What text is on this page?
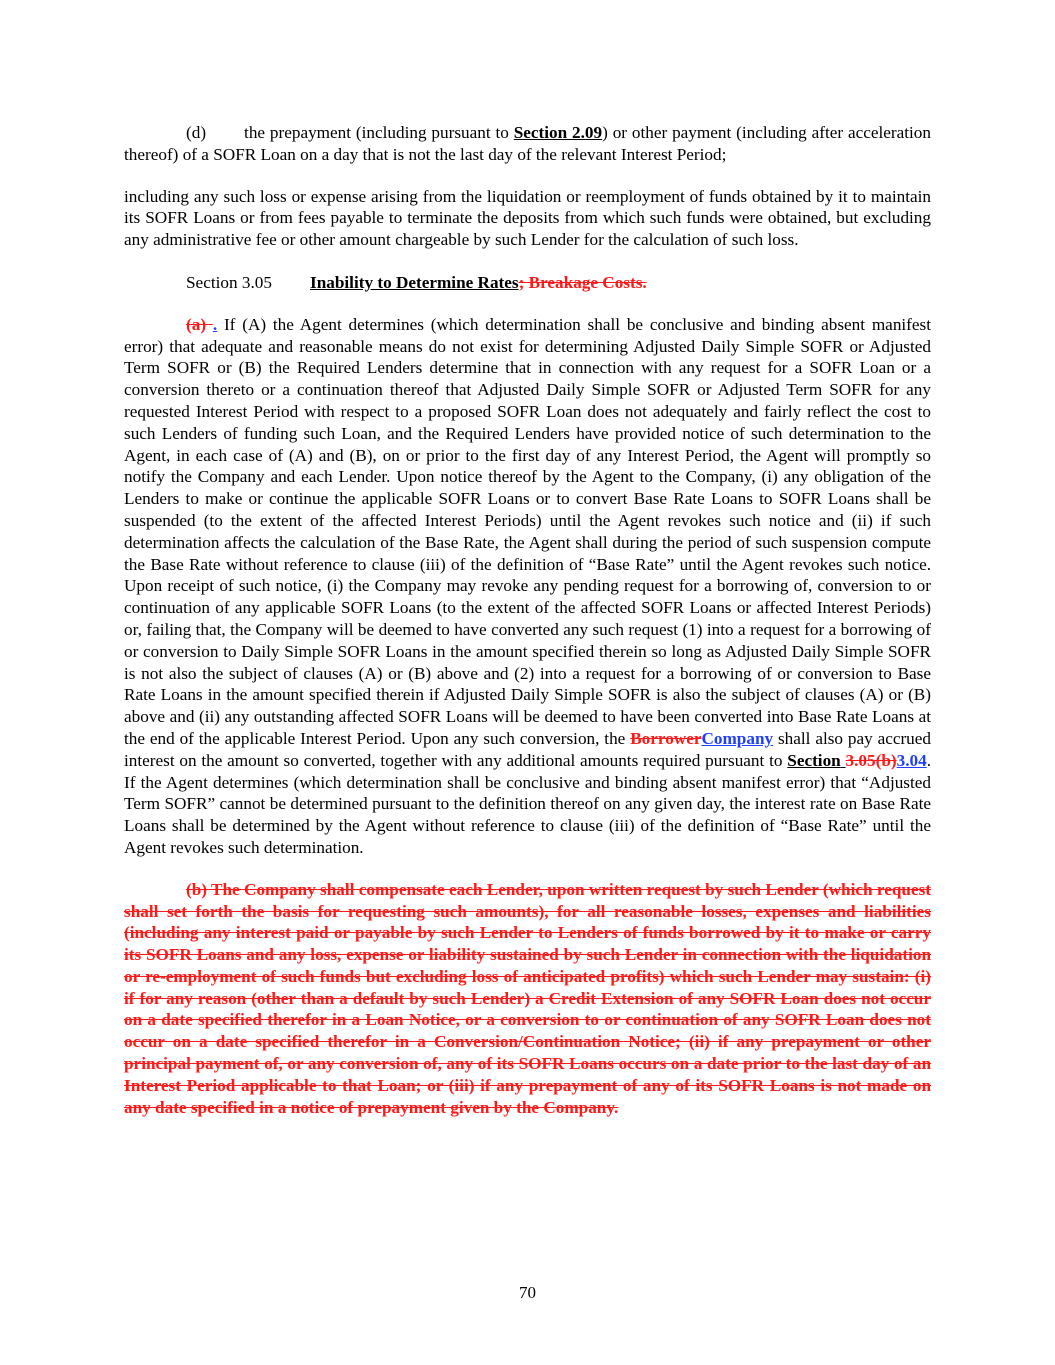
(d) the prepayment (including pursuant to Section 2.09) or other payment (including after acceleration thereof) of a SOFR Loan on a day that is not the last day of the relevant Interest Period;

including any such loss or expense arising from the liquidation or reemployment of funds obtained by it to maintain its SOFR Loans or from fees payable to terminate the deposits from which such funds were obtained, but excluding any administrative fee or other amount chargeable by such Lender for the calculation of such loss.

Section 3.05 Inability to Determine Rates; Breakage Costs.

(a) . If (A) the Agent determines (which determination shall be conclusive and binding absent manifest error) that adequate and reasonable means do not exist for determining Adjusted Daily Simple SOFR or Adjusted Term SOFR or (B) the Required Lenders determine that in connection with any request for a SOFR Loan or a conversion thereto or a continuation thereof that Adjusted Daily Simple SOFR or Adjusted Term SOFR for any requested Interest Period with respect to a proposed SOFR Loan does not adequately and fairly reflect the cost to such Lenders of funding such Loan, and the Required Lenders have provided notice of such determination to the Agent, in each case of (A) and (B), on or prior to the first day of any Interest Period, the Agent will promptly so notify the Company and each Lender. Upon notice thereof by the Agent to the Company, (i) any obligation of the Lenders to make or continue the applicable SOFR Loans or to convert Base Rate Loans to SOFR Loans shall be suspended (to the extent of the affected Interest Periods) until the Agent revokes such notice and (ii) if such determination affects the calculation of the Base Rate, the Agent shall during the period of such suspension compute the Base Rate without reference to clause (iii) of the definition of “Base Rate” until the Agent revokes such notice. Upon receipt of such notice, (i) the Company may revoke any pending request for a borrowing of, conversion to or continuation of any applicable SOFR Loans (to the extent of the affected SOFR Loans or affected Interest Periods) or, failing that, the Company will be deemed to have converted any such request (1) into a request for a borrowing of or conversion to Daily Simple SOFR Loans in the amount specified therein so long as Adjusted Daily Simple SOFR is not also the subject of clauses (A) or (B) above and (2) into a request for a borrowing of or conversion to Base Rate Loans in the amount specified therein if Adjusted Daily Simple SOFR is also the subject of clauses (A) or (B) above and (ii) any outstanding affected SOFR Loans will be deemed to have been converted into Base Rate Loans at the end of the applicable Interest Period. Upon any such conversion, the BorrowerCompany shall also pay accrued interest on the amount so converted, together with any additional amounts required pursuant to Section 3.05(b)3.04. If the Agent determines (which determination shall be conclusive and binding absent manifest error) that “Adjusted Term SOFR” cannot be determined pursuant to the definition thereof on any given day, the interest rate on Base Rate Loans shall be determined by the Agent without reference to clause (iii) of the definition of “Base Rate” until the Agent revokes such determination.

(b) The Company shall compensate each Lender, upon written request by such Lender (which request shall set forth the basis for requesting such amounts), for all reasonable losses, expenses and liabilities (including any interest paid or payable by such Lender to Lenders of funds borrowed by it to make or carry its SOFR Loans and any loss, expense or liability sustained by such Lender in connection with the liquidation or re-employment of such funds but excluding loss of anticipated profits) which such Lender may sustain: (i) if for any reason (other than a default by such Lender) a Credit Extension of any SOFR Loan does not occur on a date specified therefor in a Loan Notice, or a conversion to or continuation of any SOFR Loan does not occur on a date specified therefor in a Conversion/Continuation Notice; (ii) if any prepayment or other principal payment of, or any conversion of, any of its SOFR Loans occurs on a date prior to the last day of an Interest Period applicable to that Loan; or (iii) if any prepayment of any of its SOFR Loans is not made on any date specified in a notice of prepayment given by the Company.

70
